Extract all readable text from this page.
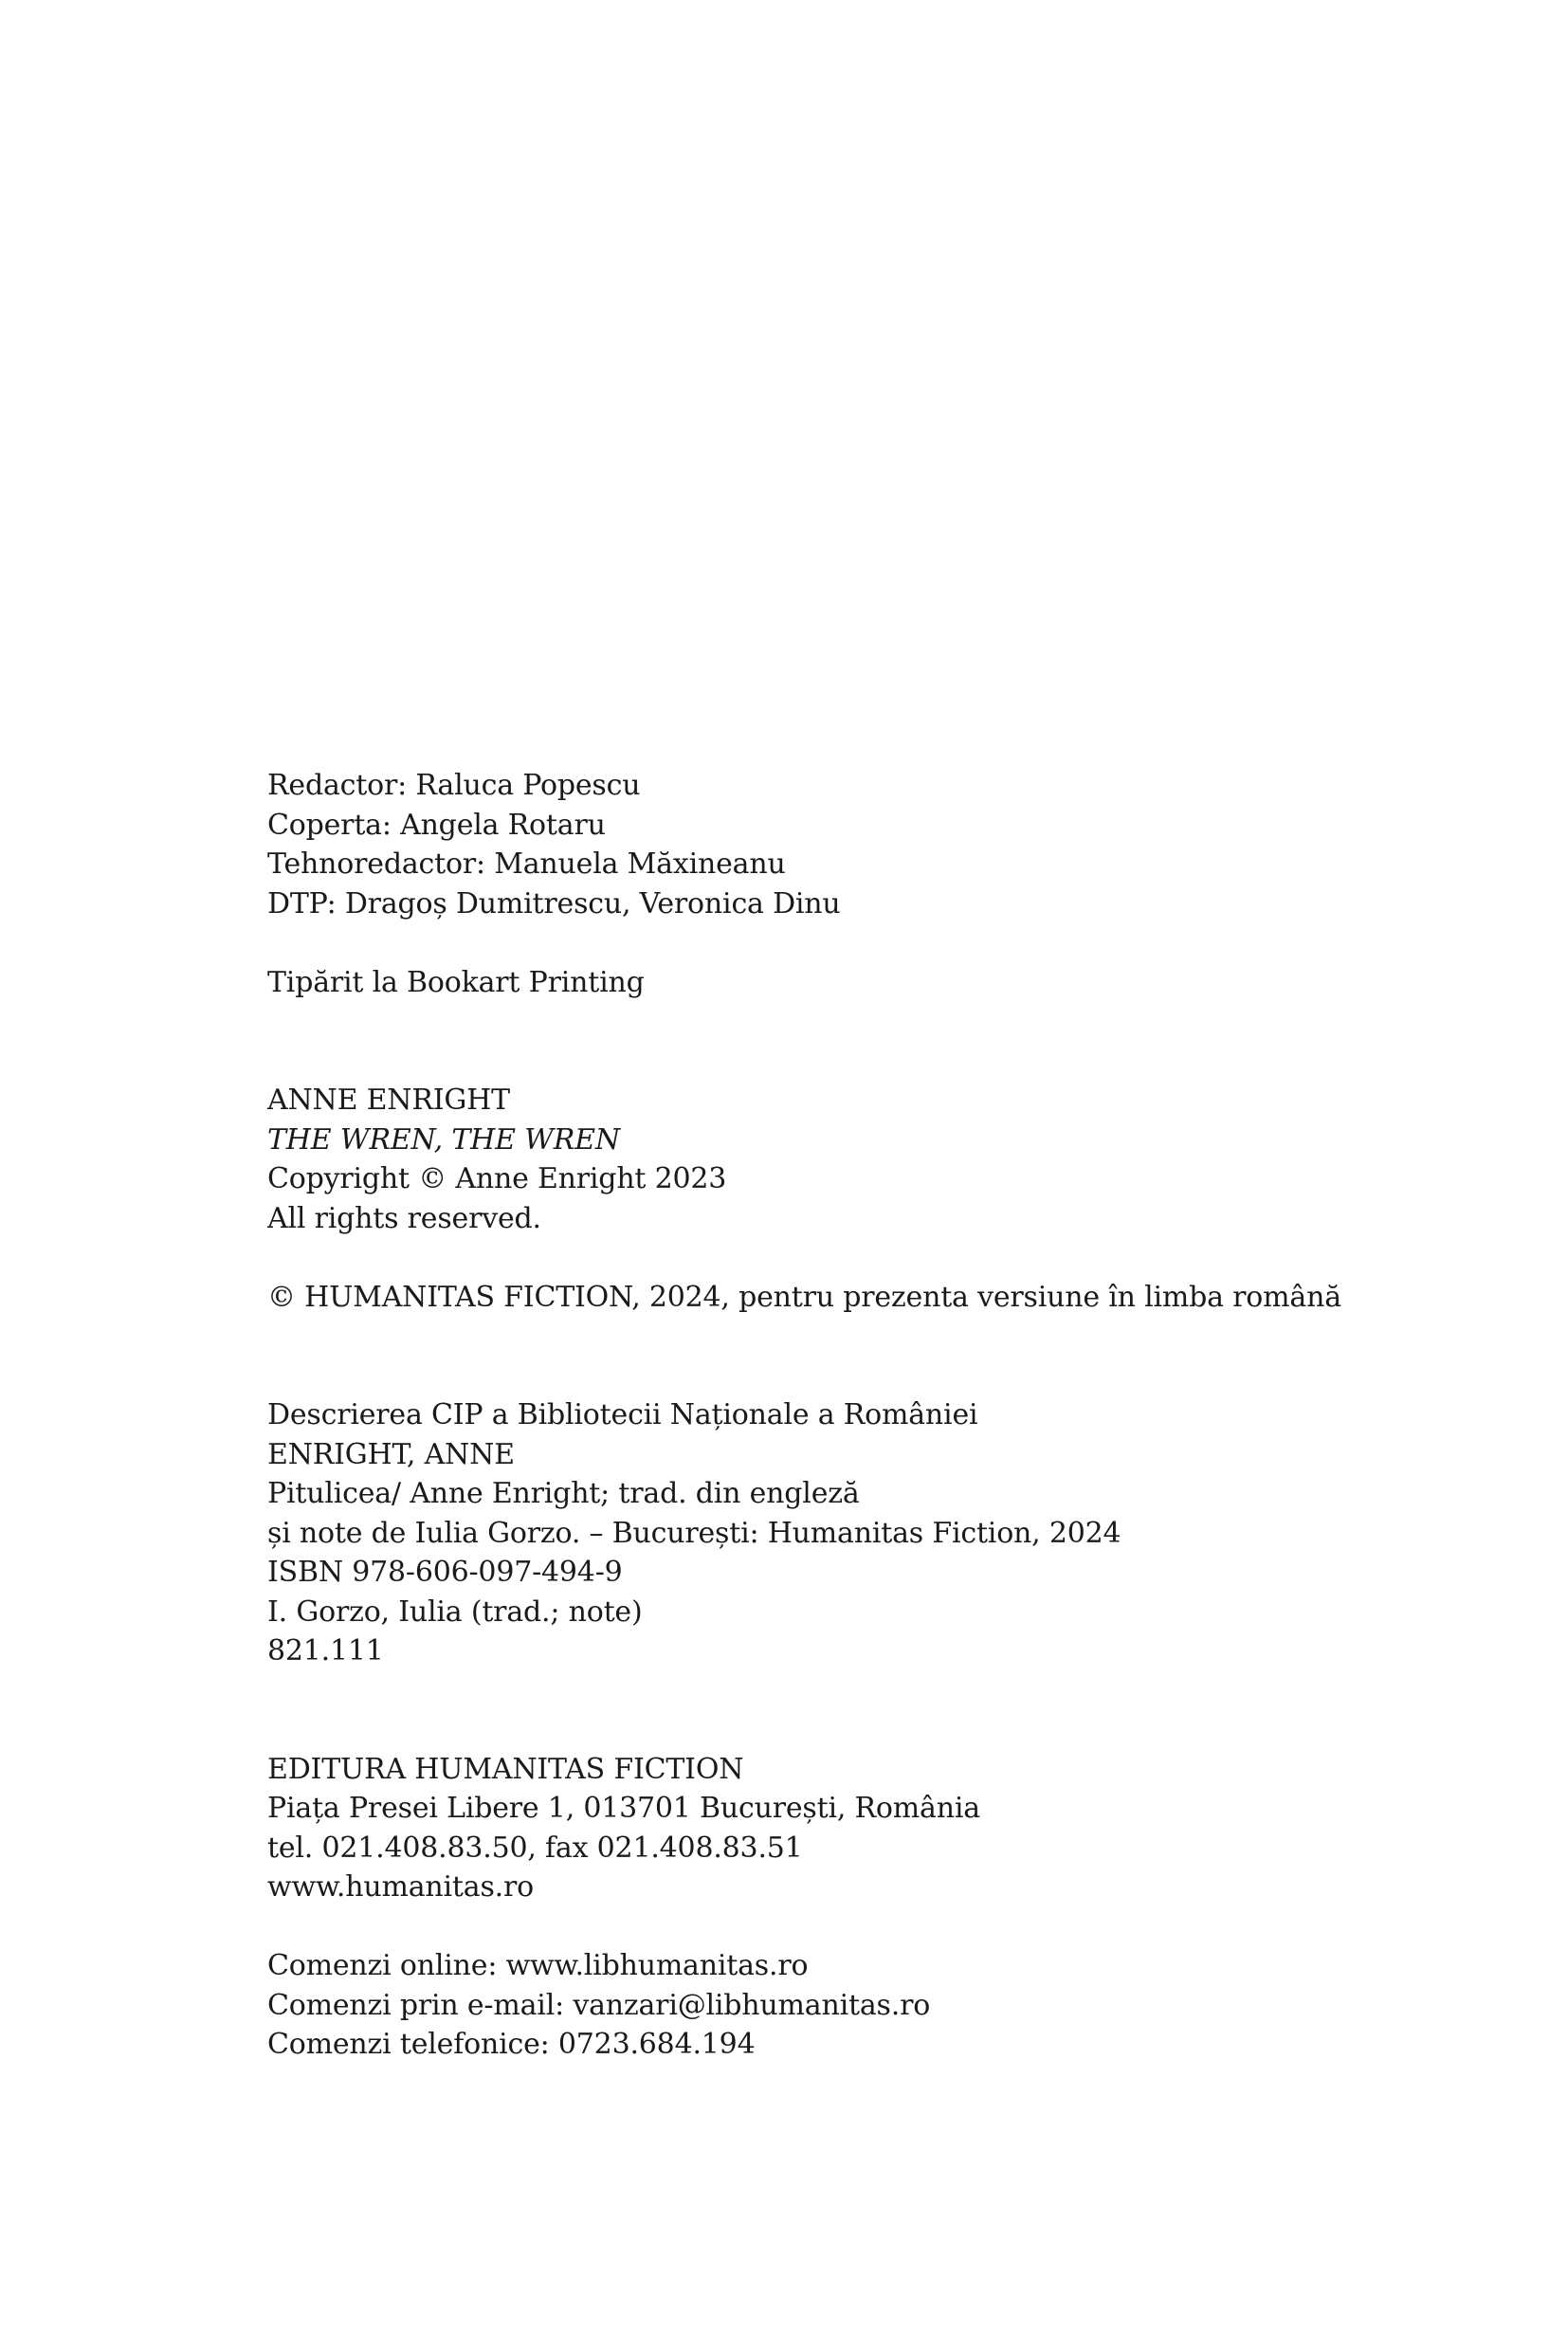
Redactor: Raluca Popescu
Coperta: Angela Rotaru
Tehnoredactor: Manuela Măxineanu
DTP: Dragoș Dumitrescu, Veronica Dinu
Tipărit la Bookart Printing
ANNE ENRIGHT
THE WREN, THE WREN
Copyright © Anne Enright 2023
All rights reserved.
© HUMANITAS FICTION, 2024, pentru prezenta versiune în limba română
Descrierea CIP a Bibliotecii Naționale a României
ENRIGHT, ANNE
Pitulicea/ Anne Enright; trad. din engleză
și note de Iulia Gorzo. – București: Humanitas Fiction, 2024
ISBN 978-606-097-494-9
I. Gorzo, Iulia (trad.; note)
821.111
EDITURA HUMANITAS FICTION
Piața Presei Libere 1, 013701 București, România
tel. 021.408.83.50, fax 021.408.83.51
www.humanitas.ro
Comenzi online: www.libhumanitas.ro
Comenzi prin e-mail: vanzari@libhumanitas.ro
Comenzi telefonice: 0723.684.194
